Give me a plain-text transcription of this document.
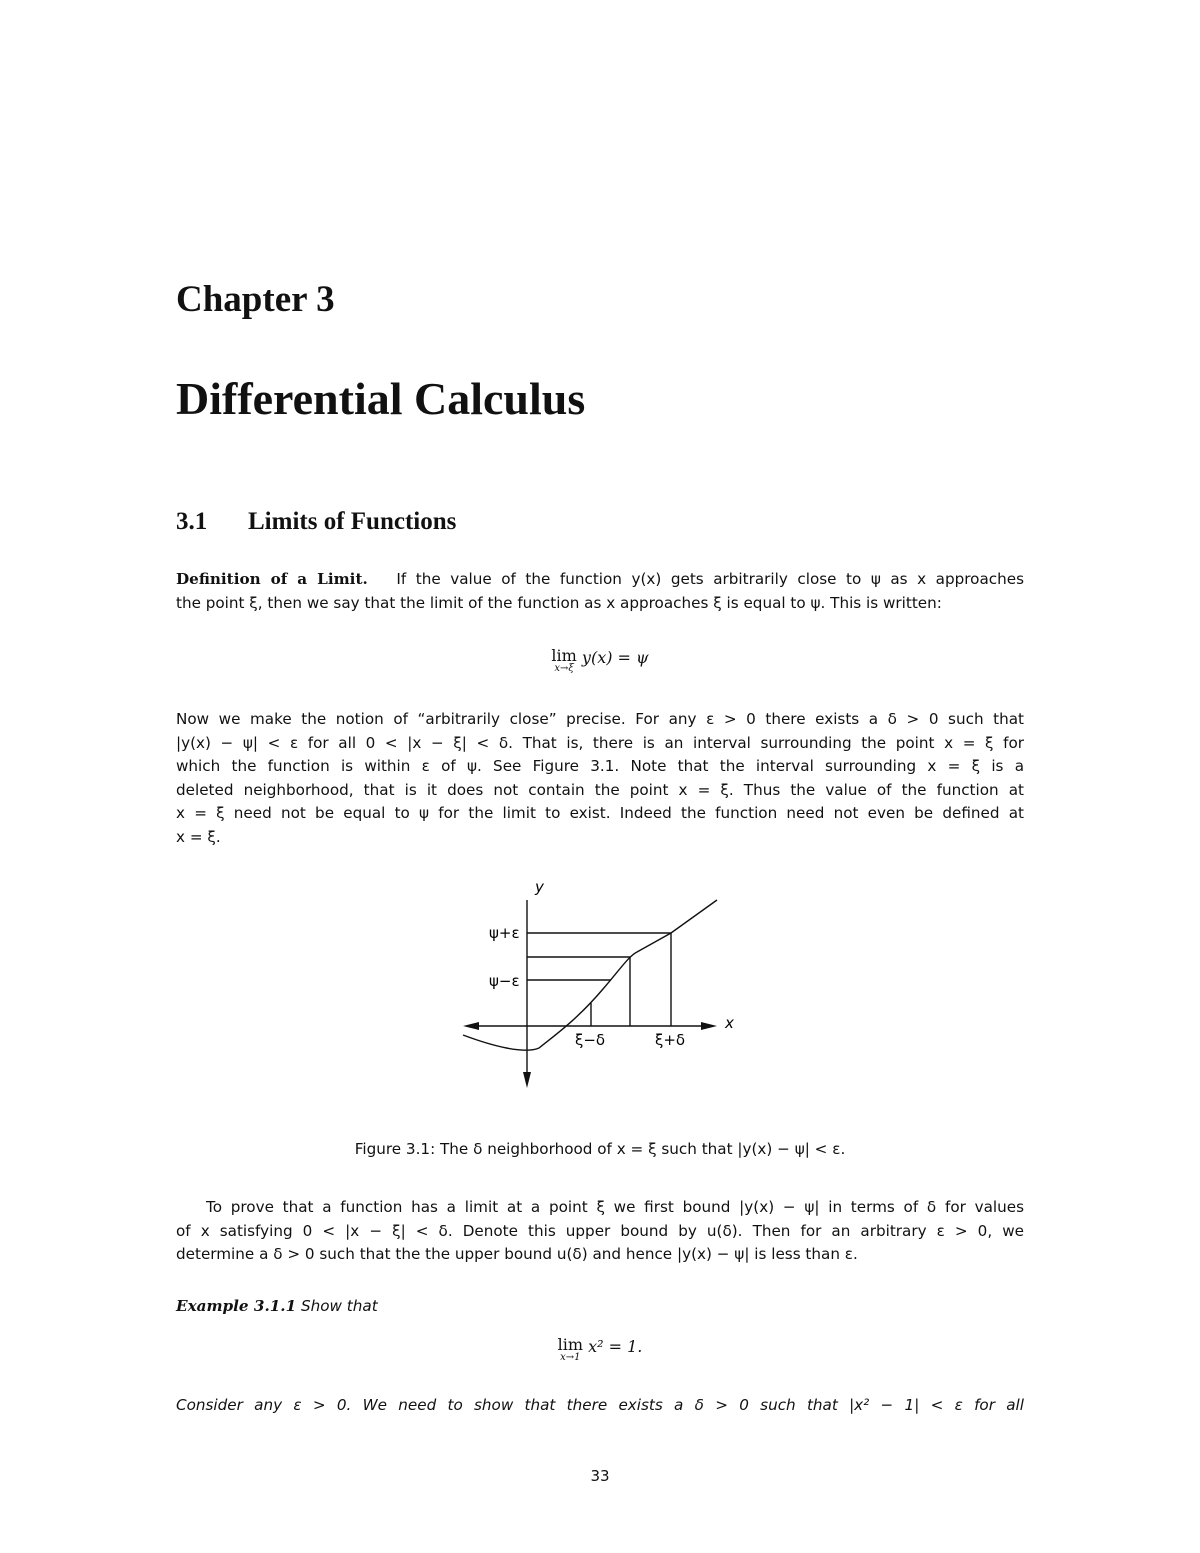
Chapter 3
Differential Calculus
3.1 Limits of Functions
Definition of a Limit. If the value of the function y(x) gets arbitrarily close to ψ as x approaches
the point ξ, then we say that the limit of the function as x approaches ξ is equal to ψ. This is written:
lim
x→ξ
y(x) = ψ
Now we make the notion of “arbitrarily close” precise. For any ε > 0 there exists a δ > 0 such that
|y(x) − ψ| < ε for all 0 < |x − ξ| < δ. That is, there is an interval surrounding the point x = ξ for
which the function is within ε of ψ. See Figure 3.1. Note that the interval surrounding x = ξ is a
deleted neighborhood, that is it does not contain the point x = ξ. Thus the value of the function at
x = ξ need not be equal to ψ for the limit to exist. Indeed the function need not even be defined at
x = ξ.
y
x
ψ+ε
ψ−ε
ξ−δ	ξ+δ
Figure 3.1: The δ neighborhood of x = ξ such that |y(x) − ψ| < ε.
To prove that a function has a limit at a point ξ we first bound |y(x) − ψ| in terms of δ for values
of x satisfying 0 < |x − ξ| < δ. Denote this upper bound by u(δ). Then for an arbitrary ε > 0, we
determine a δ > 0 such that the the upper bound u(δ) and hence |y(x) − ψ| is less than ε.
Example 3.1.1 Show that
lim
x→1
x² = 1.
Consider any ε > 0. We need to show that there exists a δ > 0 such that |x² − 1| < ε for all
33
